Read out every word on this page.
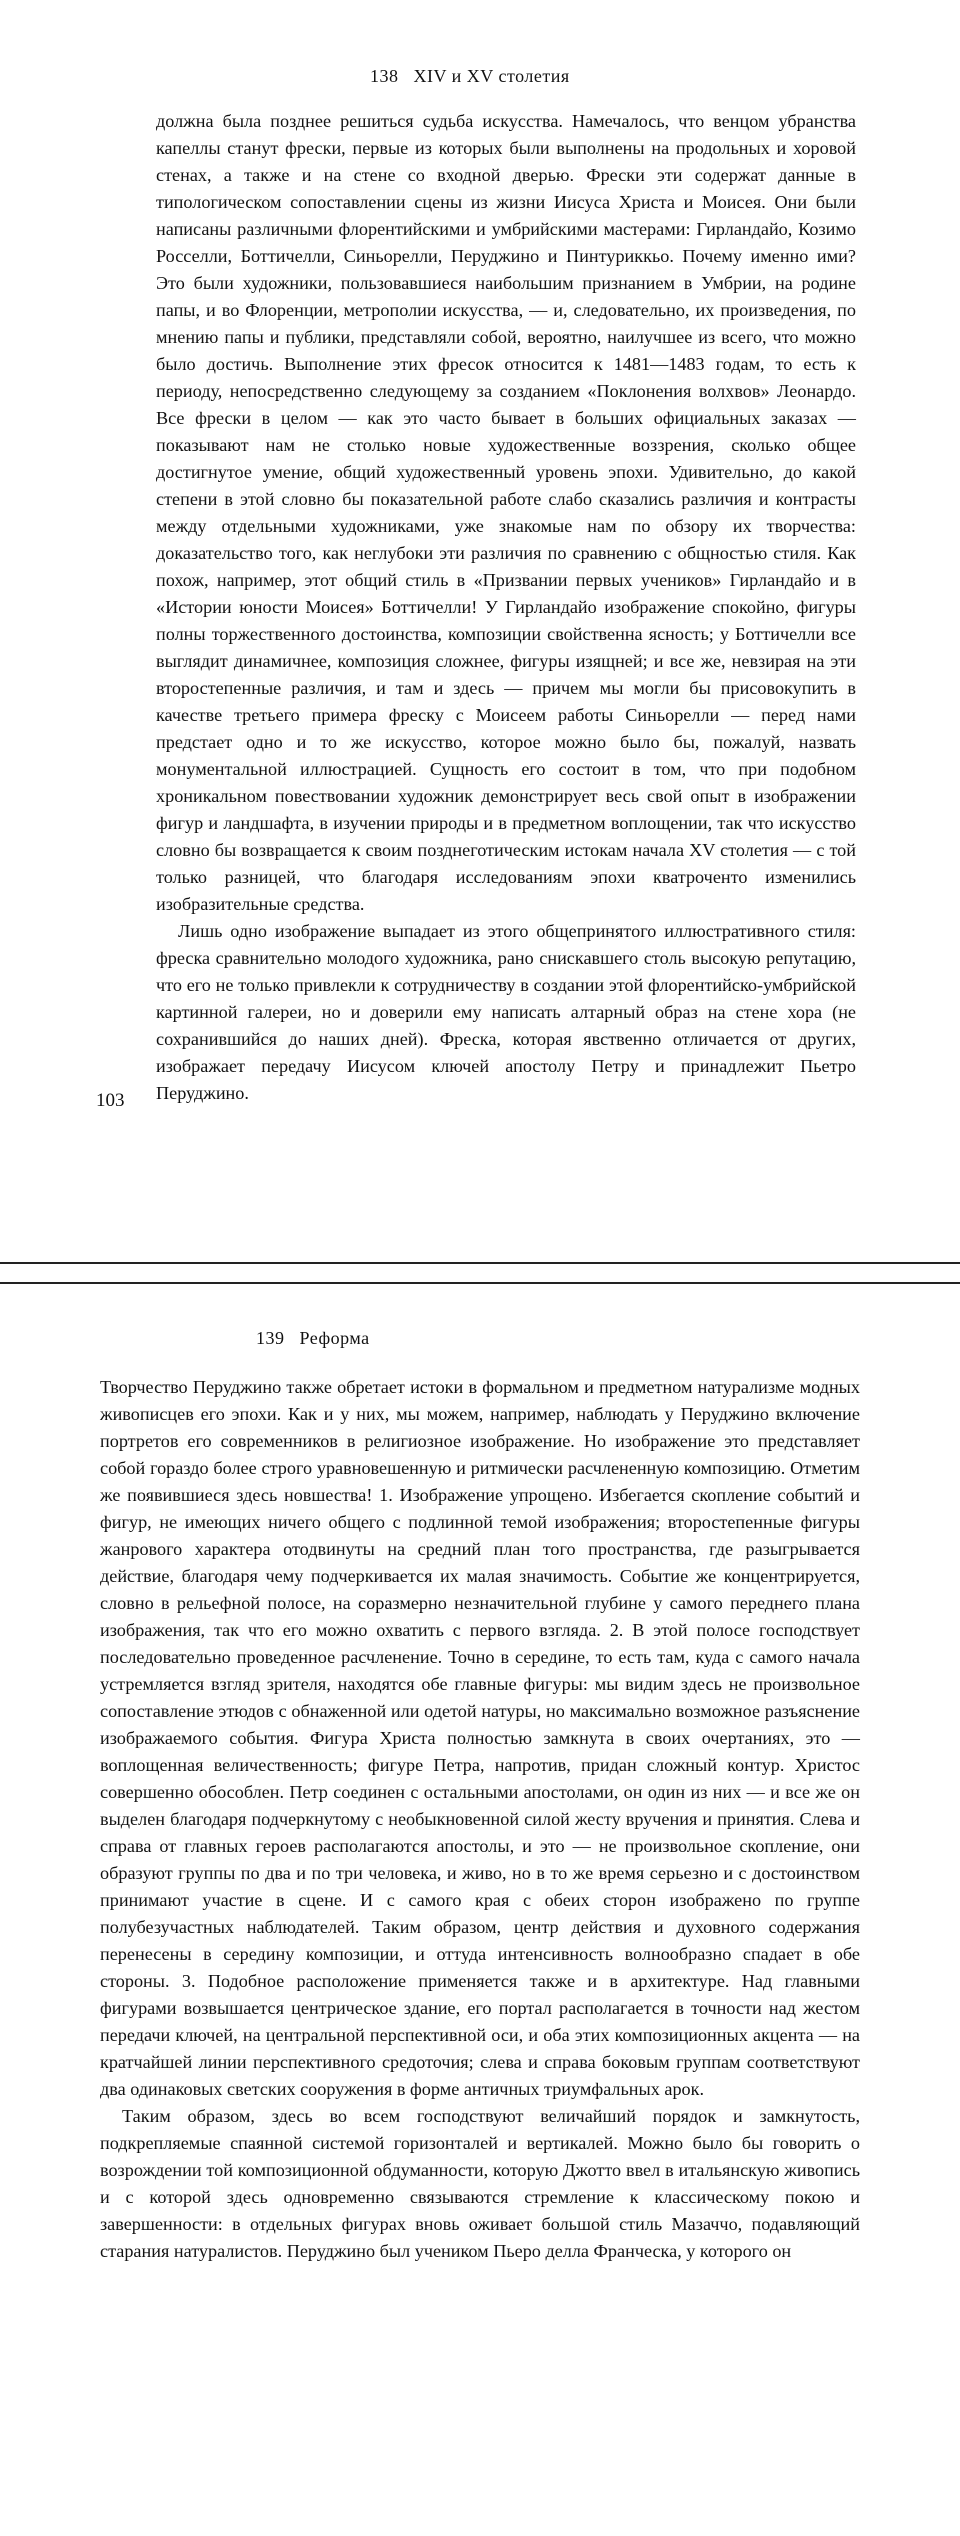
138 XIV и XV столетия

должна была позднее решиться судьба искусства. Намечалось, что венцом убранства капеллы станут фрески, первые из которых были выполнены на продольных и хоровой стенах, а также и на стене со входной дверью. Фрески эти содержат данные в типологическом сопоставлении сцены из жизни Иисуса Христа и Моисея. Они были написаны различными флорентийскими и умбрийскими мастерами: Гирландайо, Козимо Росселли, Боттичелли, Синьорелли, Перуджино и Пинтуриккьо. Почему именно ими? Это были художники, пользовавшиеся наибольшим признанием в Умбрии, на родине папы, и во Флоренции, метрополии искусства, — и, следовательно, их произведения, по мнению папы и публики, представляли собой, вероятно, наилучшее из всего, что можно было достичь. Выполнение этих фресок относится к 1481—1483 годам, то есть к периоду, непосредственно следующему за созданием «Поклонения волхвов» Леонардо. Все фрески в целом — как это часто бывает в больших официальных заказах — показывают нам не столько новые художественные воззрения, сколько общее достигнутое умение, общий художественный уровень эпохи. Удивительно, до какой степени в этой словно бы показательной работе слабо сказались различия и контрасты между отдельными художниками, уже знакомые нам по обзору их творчества: доказательство того, как неглубоки эти различия по сравнению с общностью стиля. Как похож, например, этот общий стиль в «Призвании первых учеников» Гирландайо и в «Истории юности Моисея» Боттичелли! У Гирландайо изображение спокойно, фигуры полны торжественного достоинства, композиции свойственна ясность; у Боттичелли все выглядит динамичнее, композиция сложнее, фигуры изящней; и все же, невзирая на эти второстепенные различия, и там и здесь — причем мы могли бы присовокупить в качестве третьего примера фреску с Моисеем работы Синьорелли — перед нами предстает одно и то же искусство, которое можно было бы, пожалуй, назвать монументальной иллюстрацией. Сущность его состоит в том, что при подобном хроникальном повествовании художник демонстрирует весь свой опыт в изображении фигур и ландшафта, в изучении природы и в предметном воплощении, так что искусство словно бы возвращается к своим позднеготическим истокам начала XV столетия — с той только разницей, что благодаря исследованиям эпохи кватроченто изменились изобразительные средства.

Лишь одно изображение выпадает из этого общепринятого иллюстративного стиля: фреска сравнительно молодого художника, рано снискавшего столь высокую репутацию, что его не только привлекли к сотрудничеству в создании этой флорентийско-умбрийской картинной галереи, но и доверили ему написать алтарный образ на стене хора (не сохранившийся до наших дней). Фреска, которая явственно отличается от других, изображает передачу Иисусом ключей апостолу Петру и принадлежит Пьетро Перуджино.

103
139 Реформа

Творчество Перуджино также обретает истоки в формальном и предметном натурализме модных живописцев его эпохи. Как и у них, мы можем, например, наблюдать у Перуджино включение портретов его современников в религиозное изображение. Но изображение это представляет собой гораздо более строго уравновешенную и ритмически расчлененную композицию. Отметим же появившиеся здесь новшества! 1. Изображение упрощено. Избегается скопление событий и фигур, не имеющих ничего общего с подлинной темой изображения; второстепенные фигуры жанрового характера отодвинуты на средний план того пространства, где разыгрывается действие, благодаря чему подчеркивается их малая значимость. Событие же концентрируется, словно в рельефной полосе, на соразмерно незначительной глубине у самого переднего плана изображения, так что его можно охватить с первого взгляда. 2. В этой полосе господствует последовательно проведенное расчленение. Точно в середине, то есть там, куда с самого начала устремляется взгляд зрителя, находятся обе главные фигуры: мы видим здесь не произвольное сопоставление этюдов с обнаженной или одетой натуры, но максимально возможное разъяснение изображаемого события. Фигура Христа полностью замкнута в своих очертаниях, это — воплощенная величественность; фигуре Петра, напротив, придан сложный контур. Христос совершенно обособлен. Петр соединен с остальными апостолами, он один из них — и все же он выделен благодаря подчеркнутому с необыкновенной силой жесту вручения и принятия. Слева и справа от главных героев располагаются апостолы, и это — не произвольное скопление, они образуют группы по два и по три человека, и живо, но в то же время серьезно и с достоинством принимают участие в сцене. И с самого края с обеих сторон изображено по группе полубезучастных наблюдателей. Таким образом, центр действия и духовного содержания перенесены в середину композиции, и оттуда интенсивность волнообразно спадает в обе стороны. 3. Подобное расположение применяется также и в архитектуре. Над главными фигурами возвышается центрическое здание, его портал располагается в точности над жестом передачи ключей, на центральной перспективной оси, и оба этих композиционных акцента — на кратчайшей линии перспективного средоточия; слева и справа боковым группам соответствуют два одинаковых светских сооружения в форме античных триумфальных арок.

Таким образом, здесь во всем господствуют величайший порядок и замкнутость, подкрепляемые спаянной системой горизонталей и вертикалей. Можно было бы говорить о возрождении той композиционной обдуманности, которую Джотто ввел в итальянскую живопись и с которой здесь одновременно связываются стремление к классическому покою и завершенности: в отдельных фигурах вновь оживает большой стиль Мазаччо, подавляющий старания натуралистов. Перуджино был учеником Пьеро делла Франческа, у которого он
